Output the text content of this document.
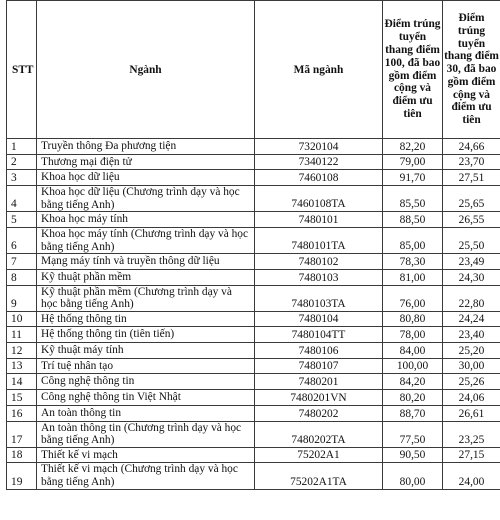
STT	Ngành	Mã ngành	Điểm trúng tuyển thang điểm 100, đã bao gồm điểm cộng và điểm ưu tiên	Điểm trúng tuyển thang điểm 30, đã bao gồm điểm cộng và điểm ưu tiên
1	Truyền thông Đa phương tiện	7320104	82,20	24,66
2	Thương mại điện tử	7340122	79,00	23,70
3	Khoa học dữ liệu	7460108	91,70	27,51
4	Khoa học dữ liệu (Chương trình dạy và học bằng tiếng Anh)	7460108TA	85,50	25,65
5	Khoa học máy tính	7480101	88,50	26,55
6	Khoa học máy tính (Chương trình dạy và học bằng tiếng Anh)	7480101TA	85,00	25,50
7	Mạng máy tính và truyền thông dữ liệu	7480102	78,30	23,49
8	Kỹ thuật phần mềm	7480103	81,00	24,30
9	Kỹ thuật phần mềm (Chương trình dạy và học bằng tiếng Anh)	7480103TA	76,00	22,80
10	Hệ thống thông tin	7480104	80,80	24,24
11	Hệ thống thông tin (tiên tiến)	7480104TT	78,00	23,40
12	Kỹ thuật máy tính	7480106	84,00	25,20
13	Trí tuệ nhân tạo	7480107	100,00	30,00
14	Công nghệ thông tin	7480201	84,20	25,26
15	Công nghệ thông tin Việt Nhật	7480201VN	80,20	24,06
16	An toàn thông tin	7480202	88,70	26,61
17	An toàn thông tin (Chương trình dạy và học bằng tiếng Anh)	7480202TA	77,50	23,25
18	Thiết kế vi mạch	75202A1	90,50	27,15
19	Thiết kế vi mạch (Chương trình dạy và học bằng tiếng Anh)	75202A1TA	80,00	24,00
